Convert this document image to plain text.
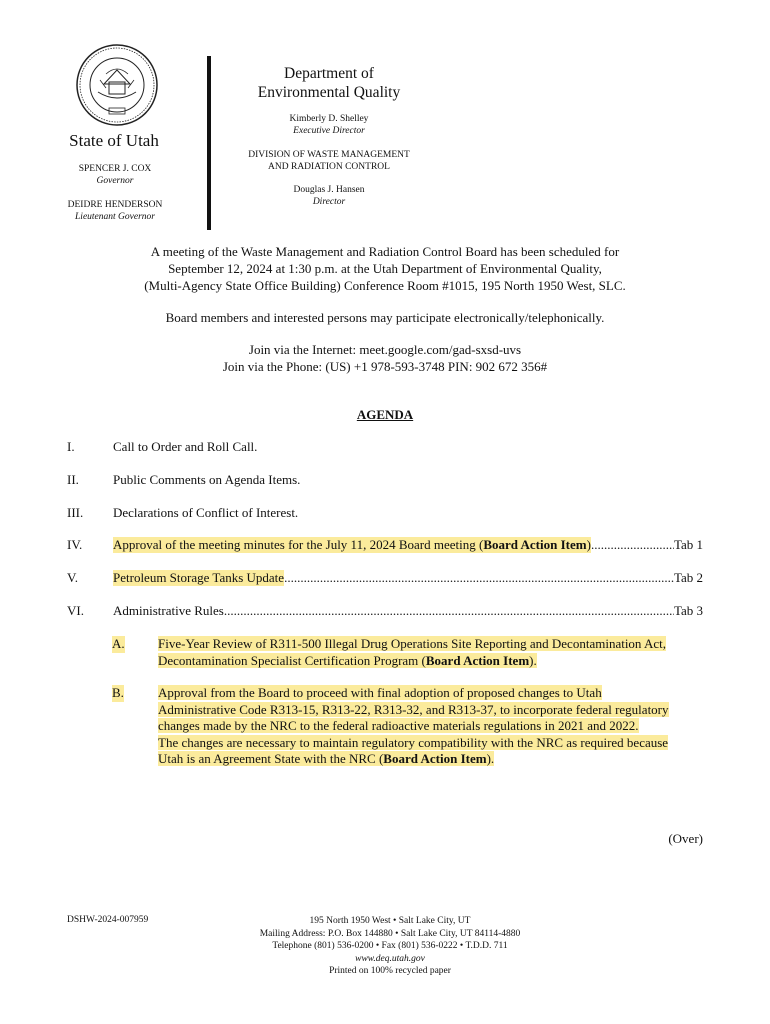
State of Utah
SPENCER J. COX
Governor
DEIDRE HENDERSON
Lieutenant Governor
Department of
Environmental Quality
Kimberly D. Shelley
Executive Director
DIVISION OF WASTE MANAGEMENT
AND RADIATION CONTROL
Douglas J. Hansen
Director
A meeting of the Waste Management and Radiation Control Board has been scheduled for
September 12, 2024 at 1:30 p.m. at the Utah Department of Environmental Quality,
(Multi-Agency State Office Building) Conference Room #1015, 195 North 1950 West, SLC.
Board members and interested persons may participate electronically/telephonically.
Join via the Internet: meet.google.com/gad-sxsd-uvs
Join via the Phone: (US) +1 978-593-3748 PIN: 902 672 356#
AGENDA
I.	Call to Order and Roll Call.
II.	Public Comments on Agenda Items.
III. Declarations of Conflict of Interest.
IV. Approval of the meeting minutes for the July 11, 2024 Board meeting (Board Action Item) .....	Tab 1
V.	Petroleum Storage Tanks Update .....	Tab 2
VI. Administrative Rules .....	Tab 3
A.	Five-Year Review of R311-500 Illegal Drug Operations Site Reporting and Decontamination Act,
Decontamination Specialist Certification Program (Board Action Item).
B.	Approval from the Board to proceed with final adoption of proposed changes to Utah
Administrative Code R313-15, R313-22, R313-32, and R313-37, to incorporate federal regulatory
changes made by the NRC to the federal radioactive materials regulations in 2021 and 2022.
The changes are necessary to maintain regulatory compatibility with the NRC as required because
Utah is an Agreement State with the NRC (Board Action Item).
(Over)
DSHW-2024-007959	195 North 1950 West • Salt Lake City, UT
Mailing Address: P.O. Box 144880 • Salt Lake City, UT 84114-4880
Telephone (801) 536-0200 • Fax (801) 536-0222 • T.D.D. 711
www.deq.utah.gov
Printed on 100% recycled paper
